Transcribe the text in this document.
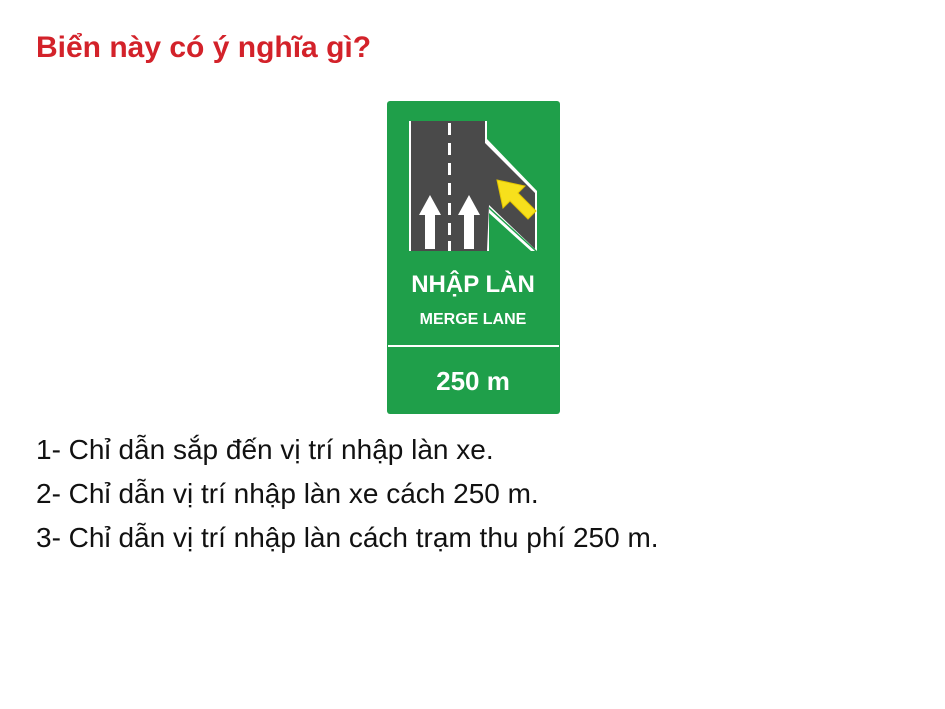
Biển này có ý nghĩa gì?
NHẬP LÀN
MERGE LANE
250 m
1- Chỉ dẫn sắp đến vị trí nhập làn xe.
2- Chỉ dẫn vị trí nhập làn xe cách 250 m.
3- Chỉ dẫn vị trí nhập làn cách trạm thu phí 250 m.
